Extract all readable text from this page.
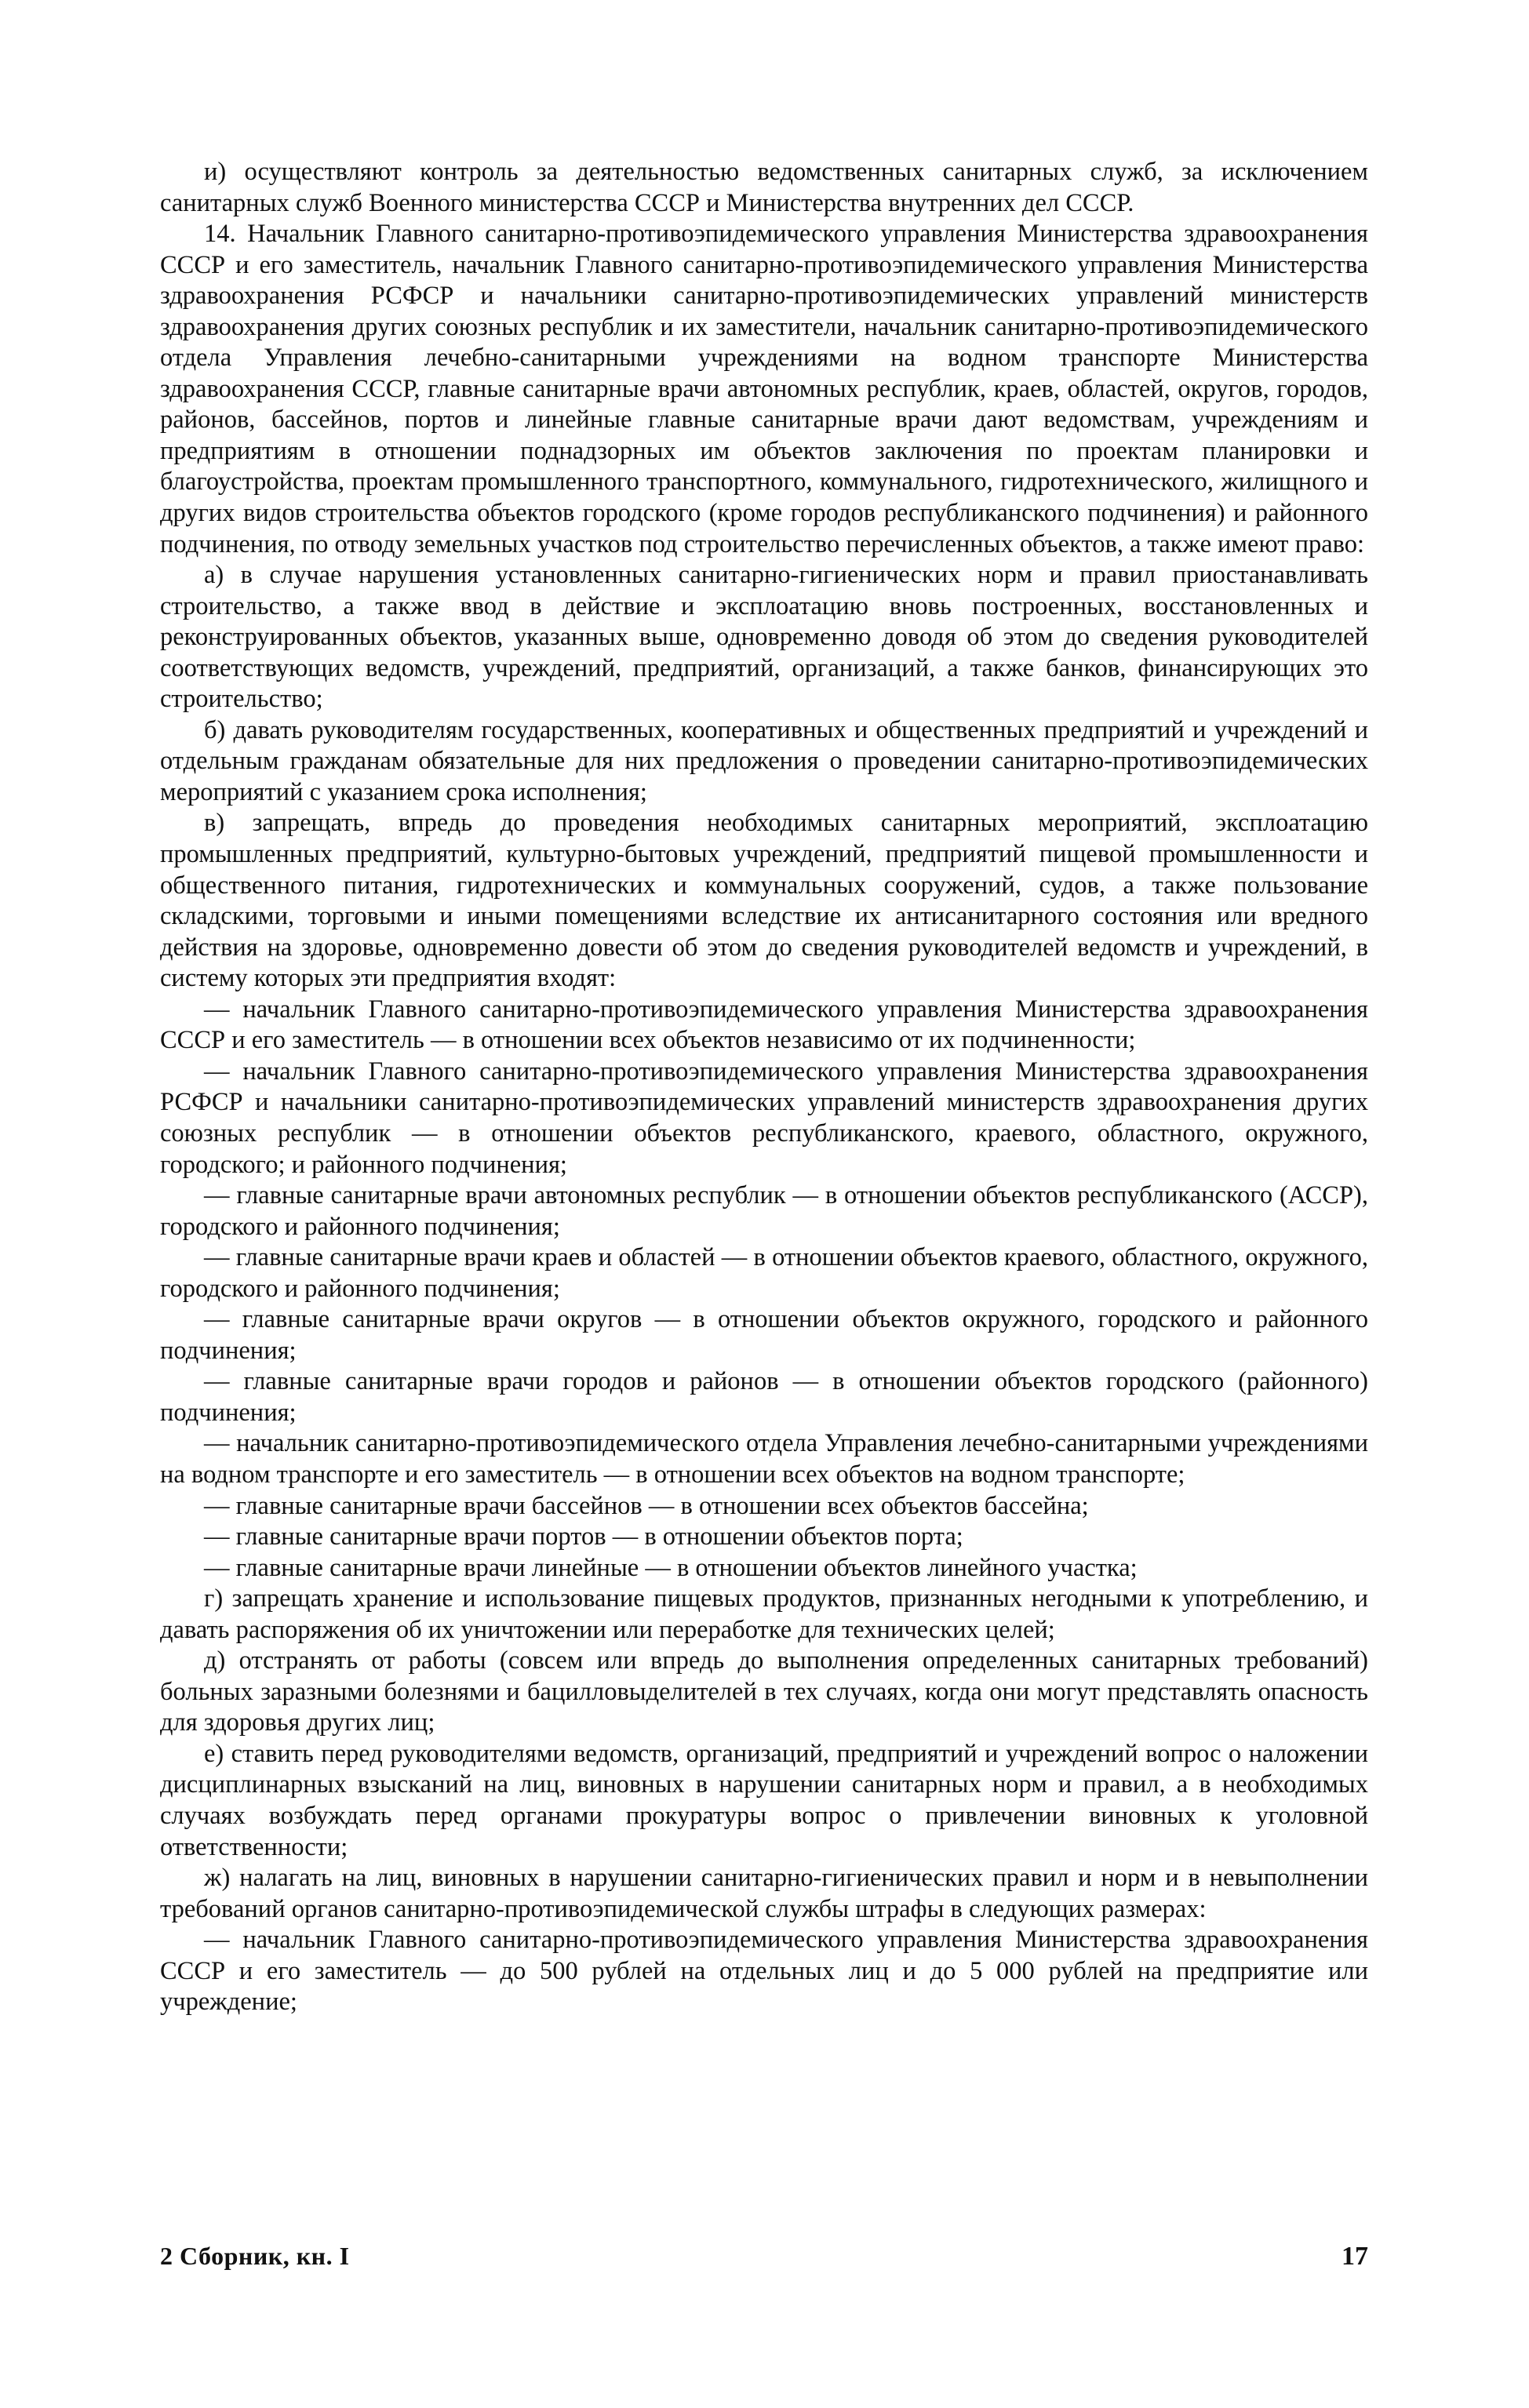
и) осуществляют контроль за деятельностью ведомственных санитарных служб, за исключением санитарных служб Военного министерства СССР и Министерства внутренних дел СССР.

14. Начальник Главного санитарно-противоэпидемического управления Министерства здравоохранения СССР и его заместитель, начальник Главного санитарно-противоэпидемического управления Министерства здравоохранения РСФСР и начальники санитарно-противоэпидемических управлений министерств здравоохранения других союзных республик и их заместители, начальник санитарно-противоэпидемического отдела Управления лечебно-санитарными учреждениями на водном транспорте Министерства здравоохранения СССР, главные санитарные врачи автономных республик, краев, областей, округов, городов, районов, бассейнов, портов и линейные главные санитарные врачи дают ведомствам, учреждениям и предприятиям в отношении поднадзорных им объектов заключения по проектам планировки и благоустройства, проектам промышленного транспортного, коммунального, гидротехнического, жилищного и других видов строительства объектов городского (кроме городов республиканского подчинения) и районного подчинения, по отводу земельных участков под строительство перечисленных объектов, а также имеют право:

а) в случае нарушения установленных санитарно-гигиенических норм и правил приостанавливать строительство, а также ввод в действие и эксплоатацию вновь построенных, восстановленных и реконструированных объектов, указанных выше, одновременно доводя об этом до сведения руководителей соответствующих ведомств, учреждений, предприятий, организаций, а также банков, финансирующих это строительство;

б) давать руководителям государственных, кооперативных и общественных предприятий и учреждений и отдельным гражданам обязательные для них предложения о проведении санитарно-противоэпидемических мероприятий с указанием срока исполнения;

в) запрещать, впредь до проведения необходимых санитарных мероприятий, эксплоатацию промышленных предприятий, культурно-бытовых учреждений, предприятий пищевой промышленности и общественного питания, гидротехнических и коммунальных сооружений, судов, а также пользование складскими, торговыми и иными помещениями вследствие их антисанитарного состояния или вредного действия на здоровье, одновременно довести об этом до сведения руководителей ведомств и учреждений, в систему которых эти предприятия входят:

— начальник Главного санитарно-противоэпидемического управления Министерства здравоохранения СССР и его заместитель — в отношении всех объектов независимо от их подчиненности;

— начальник Главного санитарно-противоэпидемического управления Министерства здравоохранения РСФСР и начальники санитарно-противоэпидемических управлений министерств здравоохранения других союзных республик — в отношении объектов республиканского, краевого, областного, окружного, городского; и районного подчинения;

— главные санитарные врачи автономных республик — в отношении объектов республиканского (АССР), городского и районного подчинения;

— главные санитарные врачи краев и областей — в отношении объектов краевого, областного, окружного, городского и районного подчинения;

— главные санитарные врачи округов — в отношении объектов окружного, городского и районного подчинения;

— главные санитарные врачи городов и районов — в отношении объектов городского (районного) подчинения;

— начальник санитарно-противоэпидемического отдела Управления лечебно-санитарными учреждениями на водном транспорте и его заместитель — в отношении всех объектов на водном транспорте;

— главные санитарные врачи бассейнов — в отношении всех объектов бассейна;

— главные санитарные врачи портов — в отношении объектов порта;

— главные санитарные врачи линейные — в отношении объектов линейного участка;

г) запрещать хранение и использование пищевых продуктов, признанных негодными к употреблению, и давать распоряжения об их уничтожении или переработке для технических целей;

д) отстранять от работы (совсем или впредь до выполнения определенных санитарных требований) больных заразными болезнями и бацилловыделителей в тех случаях, когда они могут представлять опасность для здоровья других лиц;

е) ставить перед руководителями ведомств, организаций, предприятий и учреждений вопрос о наложении дисциплинарных взысканий на лиц, виновных в нарушении санитарных норм и правил, а в необходимых случаях возбуждать перед органами прокуратуры вопрос о привлечении виновных к уголовной ответственности;

ж) налагать на лиц, виновных в нарушении санитарно-гигиенических правил и норм и в невыполнении требований органов санитарно-противоэпидемической службы штрафы в следующих размерах:

— начальник Главного санитарно-противоэпидемического управления Министерства здравоохранения СССР и его заместитель — до 500 рублей на отдельных лиц и до 5 000 рублей на предприятие или учреждение;

2 Сборник, кн. I	17
